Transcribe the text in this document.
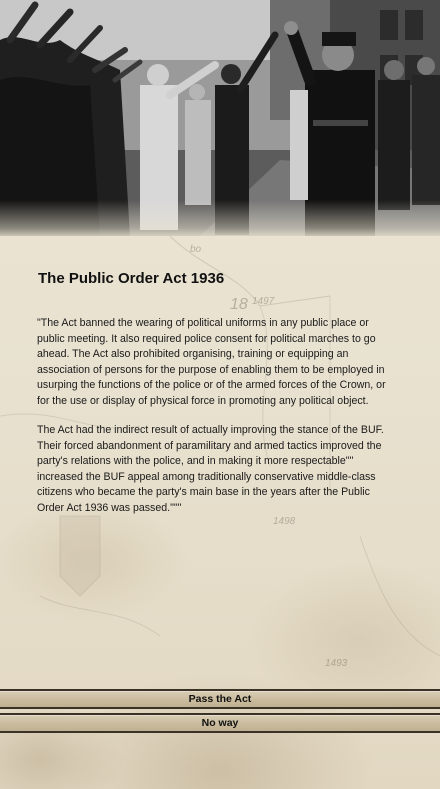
bo
18 1497
1498
1493
The Public Order Act 1936

"The Act banned the wearing of political uniforms in any public place or public meeting. It also required police consent for political marches to go ahead. The Act also prohibited organising, training or equipping an association of persons for the purpose of enabling them to be employed in usurping the functions of the police or of the armed forces of the Crown, or for the use or display of physical force in promoting any political object.

The Act had the indirect result of actually improving the stance of the BUF. Their forced abandonment of paramilitary and armed tactics improved the party's relations with the police, and in making it more respectable"" increased the BUF appeal among traditionally conservative middle-class citizens who became the party's main base in the years after the Public Order Act 1936 was passed."""

Pass the Act
No way
